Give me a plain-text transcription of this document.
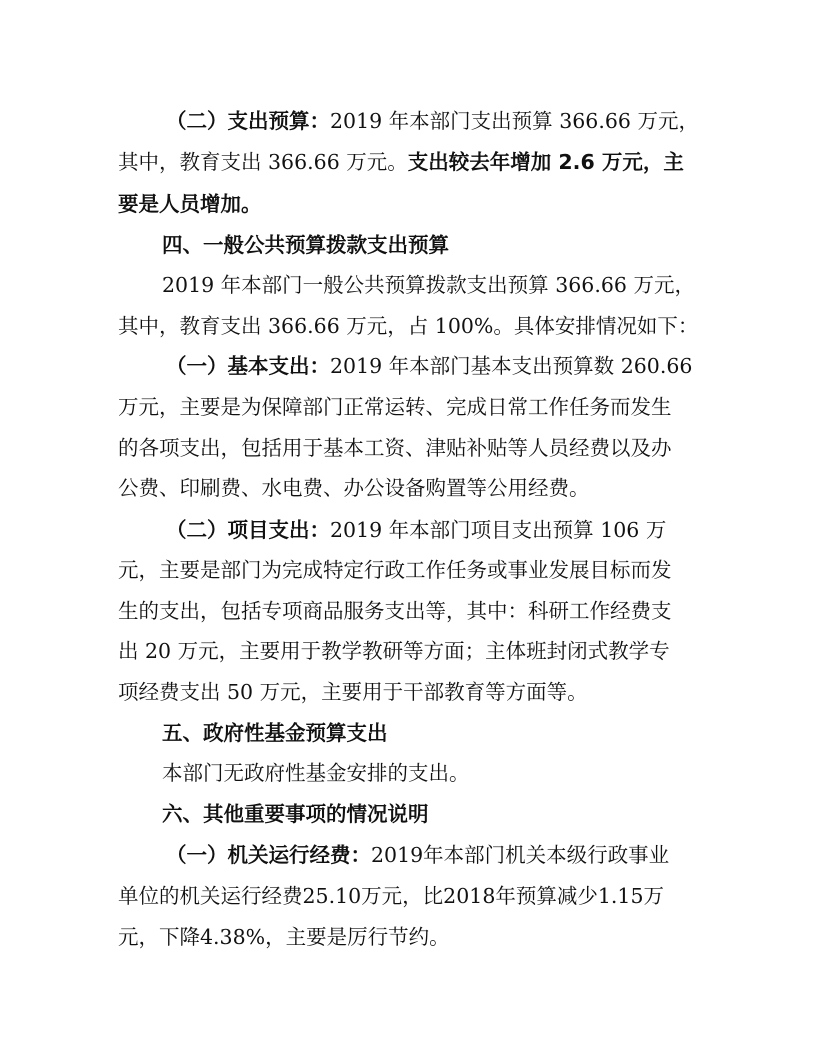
（二）支出预算：2019 年本部门支出预算 366.66 万元，
其中，教育支出 366.66 万元。支出较去年增加 2.6 万元，主
要是人员增加。
四、一般公共预算拨款支出预算
2019 年本部门一般公共预算拨款支出预算 366.66 万元，
其中，教育支出 366.66 万元，占 100%。具体安排情况如下：
（一）基本支出：2019 年本部门基本支出预算数 260.66
万元，主要是为保障部门正常运转、完成日常工作任务而发生
的各项支出，包括用于基本工资、津贴补贴等人员经费以及办
公费、印刷费、水电费、办公设备购置等公用经费。
（二）项目支出：2019 年本部门项目支出预算 106 万
元，主要是部门为完成特定行政工作任务或事业发展目标而发
生的支出，包括专项商品服务支出等，其中：科研工作经费支
出 20 万元，主要用于教学教研等方面；主体班封闭式教学专
项经费支出 50 万元，主要用于干部教育等方面等。
五、政府性基金预算支出
本部门无政府性基金安排的支出。
六、其他重要事项的情况说明
（一）机关运行经费：2019年本部门机关本级行政事业
单位的机关运行经费25.10万元，比2018年预算减少1.15万
元，下降4.38%，主要是厉行节约。
